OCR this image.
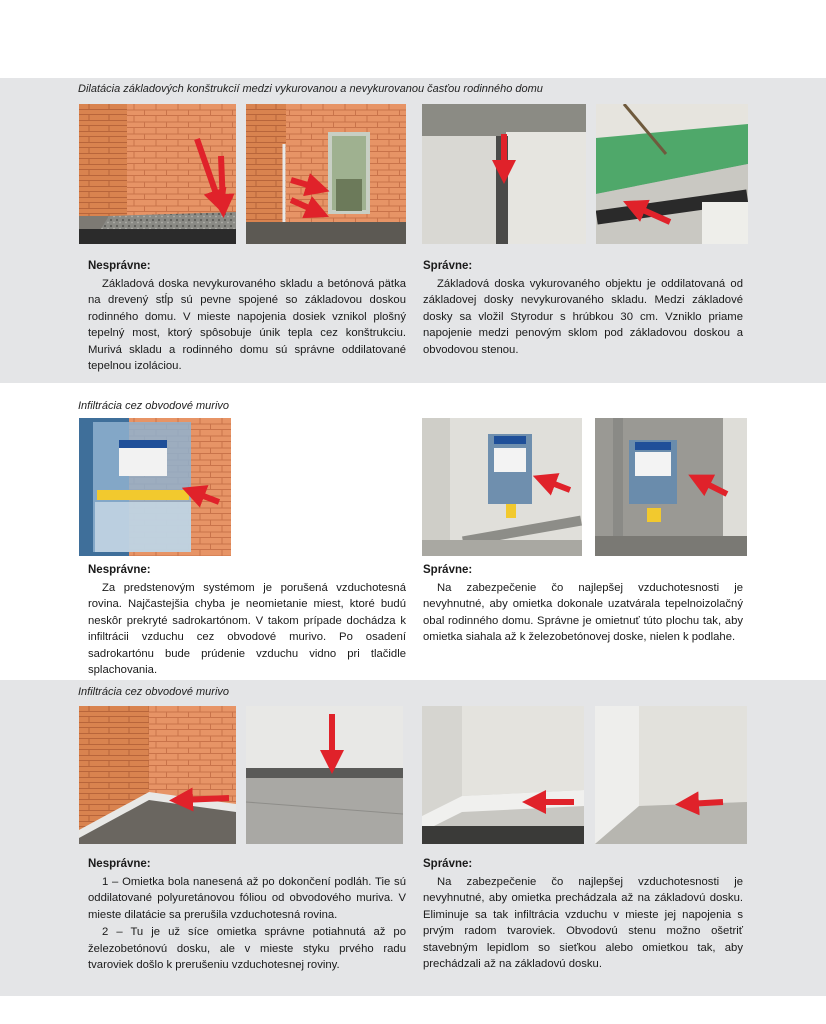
Dilatácia základových konštrukcií medzi vykurovanou a nevykurovanou časťou rodinného domu
Nesprávne:

Základová doska nevykurovaného skladu a betónová pätka na drevený stĺp sú pevne spojené so základovou doskou rodinného domu. V mieste napojenia dosiek vznikol plošný tepelný most, ktorý spôsobuje únik tepla cez konštrukciu. Murivá skladu a rodinného domu sú správne oddilatované tepelnou izoláciou.

Správne:

Základová doska vykurovaného objektu je oddilatovaná od základovej dosky nevykurovaného skladu. Medzi základové dosky sa vložil Styrodur s hrúbkou 30 cm. Vzniklo priame napojenie medzi penovým sklom pod základovou doskou a obvodovou stenou.

Infiltrácia cez obvodové murivo
Nesprávne:

Za predstenovým systémom je porušená vzduchotesná rovina. Najčastejšia chyba je neomietanie miest, ktoré budú neskôr prekryté sadrokartónom. V takom prípade dochádza k infiltrácii vzduchu cez obvodové murivo. Po osadení sadrokartónu bude prúdenie vzduchu vidno pri tlačidle splachovania.

Správne:

Na zabezpečenie čo najlepšej vzduchotesnosti je nevyhnutné, aby omietka dokonale uzatvárala tepelnoizolačný obal rodinného domu. Správne je omietnuť túto plochu tak, aby omietka siahala až k železobetónovej doske, nielen k podlahe.

Infiltrácia cez obvodové murivo
Nesprávne:

1 – Omietka bola nanesená až po dokončení podláh. Tie sú oddilatované polyuretánovou fóliou od obvodového muriva. V mieste dilatácie sa prerušila vzduchotesná rovina.

2 – Tu je už síce omietka správne potiahnutá až po železobetónovú dosku, ale v mieste styku prvého radu tvaroviek došlo k prerušeniu vzduchotesnej roviny.

Správne:

Na zabezpečenie čo najlepšej vzduchotesnosti je nevyhnutné, aby omietka prechádzala až na základovú dosku. Eliminuje sa tak infiltrácia vzduchu v mieste jej napojenia s prvým radom tvaroviek. Obvodovú stenu možno ošetriť stavebným lepidlom so sieťkou alebo omietkou tak, aby prechádzali až na základovú dosku.
